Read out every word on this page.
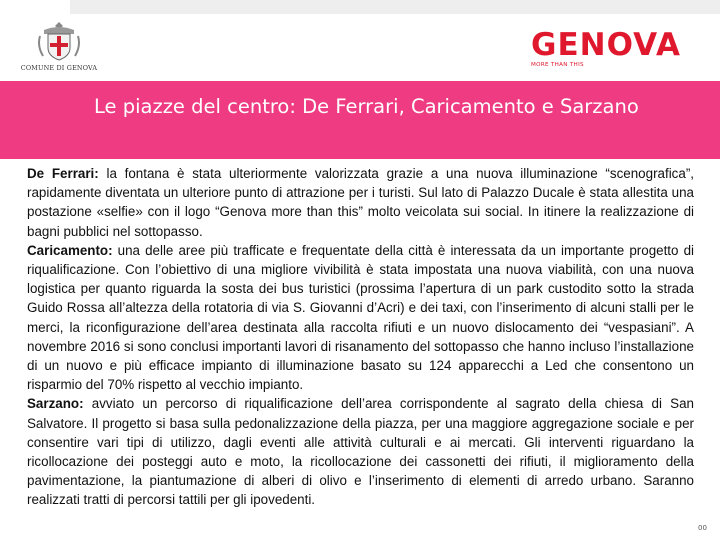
COMUNE DI GENOVA
GENOVA
MORE THAN THIS
Le piazze del centro: De Ferrari, Caricamento e Sarzano

De Ferrari: la fontana è stata ulteriormente valorizzata grazie a una nuova illuminazione “scenografica”, rapidamente diventata un ulteriore punto di attrazione per i turisti. Sul lato di Palazzo Ducale è stata allestita una postazione «selfie» con il logo “Genova more than this” molto veicolata sui social. In itinere la realizzazione di bagni pubblici nel sottopasso.

Caricamento: una delle aree più trafficate e frequentate della città è interessata da un importante progetto di riqualificazione. Con l’obiettivo di una migliore vivibilità è stata impostata una nuova viabilità, con una nuova logistica per quanto riguarda la sosta dei bus turistici (prossima l’apertura di un park custodito sotto la strada Guido Rossa all’altezza della rotatoria di via S. Giovanni d’Acri) e dei taxi, con l’inserimento di alcuni stalli per le merci, la riconfigurazione dell’area destinata alla raccolta rifiuti e un nuovo dislocamento dei “vespasiani”. A novembre 2016 si sono conclusi importanti lavori di risanamento del sottopasso che hanno incluso l’installazione di un nuovo e più efficace impianto di illuminazione basato su 124 apparecchi a Led che consentono un risparmio del 70% rispetto al vecchio impianto.

Sarzano: avviato un percorso di riqualificazione dell’area corrispondente al sagrato della chiesa di San Salvatore. Il progetto si basa sulla pedonalizzazione della piazza, per una maggiore aggregazione sociale e per consentire vari tipi di utilizzo, dagli eventi alle attività culturali e ai mercati. Gli interventi riguardano la ricollocazione dei posteggi auto e moto, la ricollocazione dei cassonetti dei rifiuti, il miglioramento della pavimentazione, la piantumazione di alberi di olivo e l’inserimento di elementi di arredo urbano. Saranno realizzati tratti di percorsi tattili per gli ipovedenti.

00
